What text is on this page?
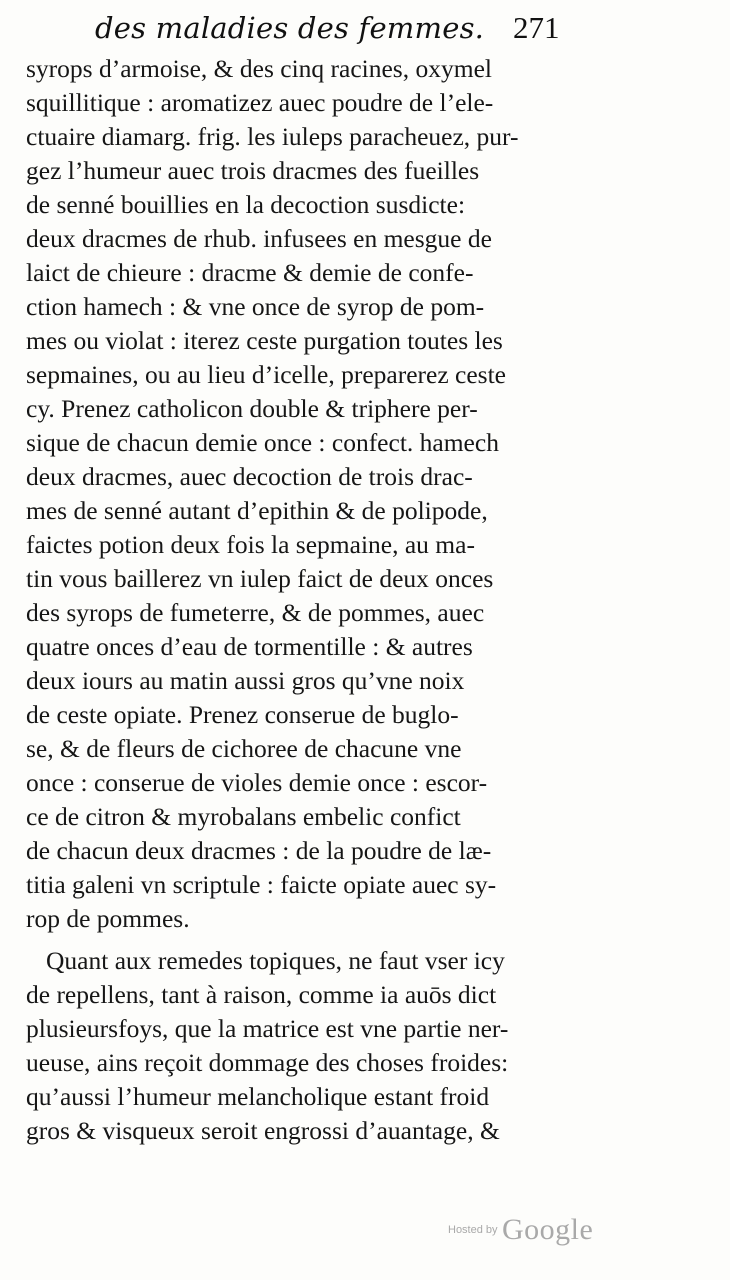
des maladies des femmes. 271
syrops d’armoise, & des cinq racines, oxymel
squillitique : aromatizez auec poudre de l’ele-
ctuaire diamarg. frig. les iuleps paracheuez, pur-
gez l’humeur auec trois dracmes des fueilles
de senné bouillies en la decoction susdicte:
deux dracmes de rhub. infusees en mesgue de
laict de chieure : dracme & demie de confe-
ction hamech : & vne once de syrop de pom-
mes ou violat : iterez ceste purgation toutes les
sepmaines, ou au lieu d’icelle, preparerez ceste
cy. Prenez catholicon double & triphere per-
sique de chacun demie once : confect. hamech
deux dracmes, auec decoction de trois drac-
mes de senné autant d’epithin & de polipode,
faictes potion deux fois la sepmaine, au ma-
tin vous baillerez vn iulep faict de deux onces
des syrops de fumeterre, & de pommes, auec
quatre onces d’eau de tormentille : & autres
deux iours au matin aussi gros qu’vne noix
de ceste opiate. Prenez conserue de buglo-
se, & de fleurs de cichoree de chacune vne
once : conserue de violes demie once : escor-
ce de citron & myrobalans embelic confict
de chacun deux dracmes : de la poudre de læ-
titia galeni vn scriptule : faicte opiate auec sy-
rop de pommes.
Quant aux remedes topiques, ne faut vser icy
de repellens, tant à raison, comme ia auōs dict
plusieursfoys, que la matrice est vne partie ner-
ueuse, ains reçoit dommage des choses froides:
qu’aussi l’humeur melancholique estant froid
gros & visqueux seroit engrossi d’auantage, &
Hosted by Google
